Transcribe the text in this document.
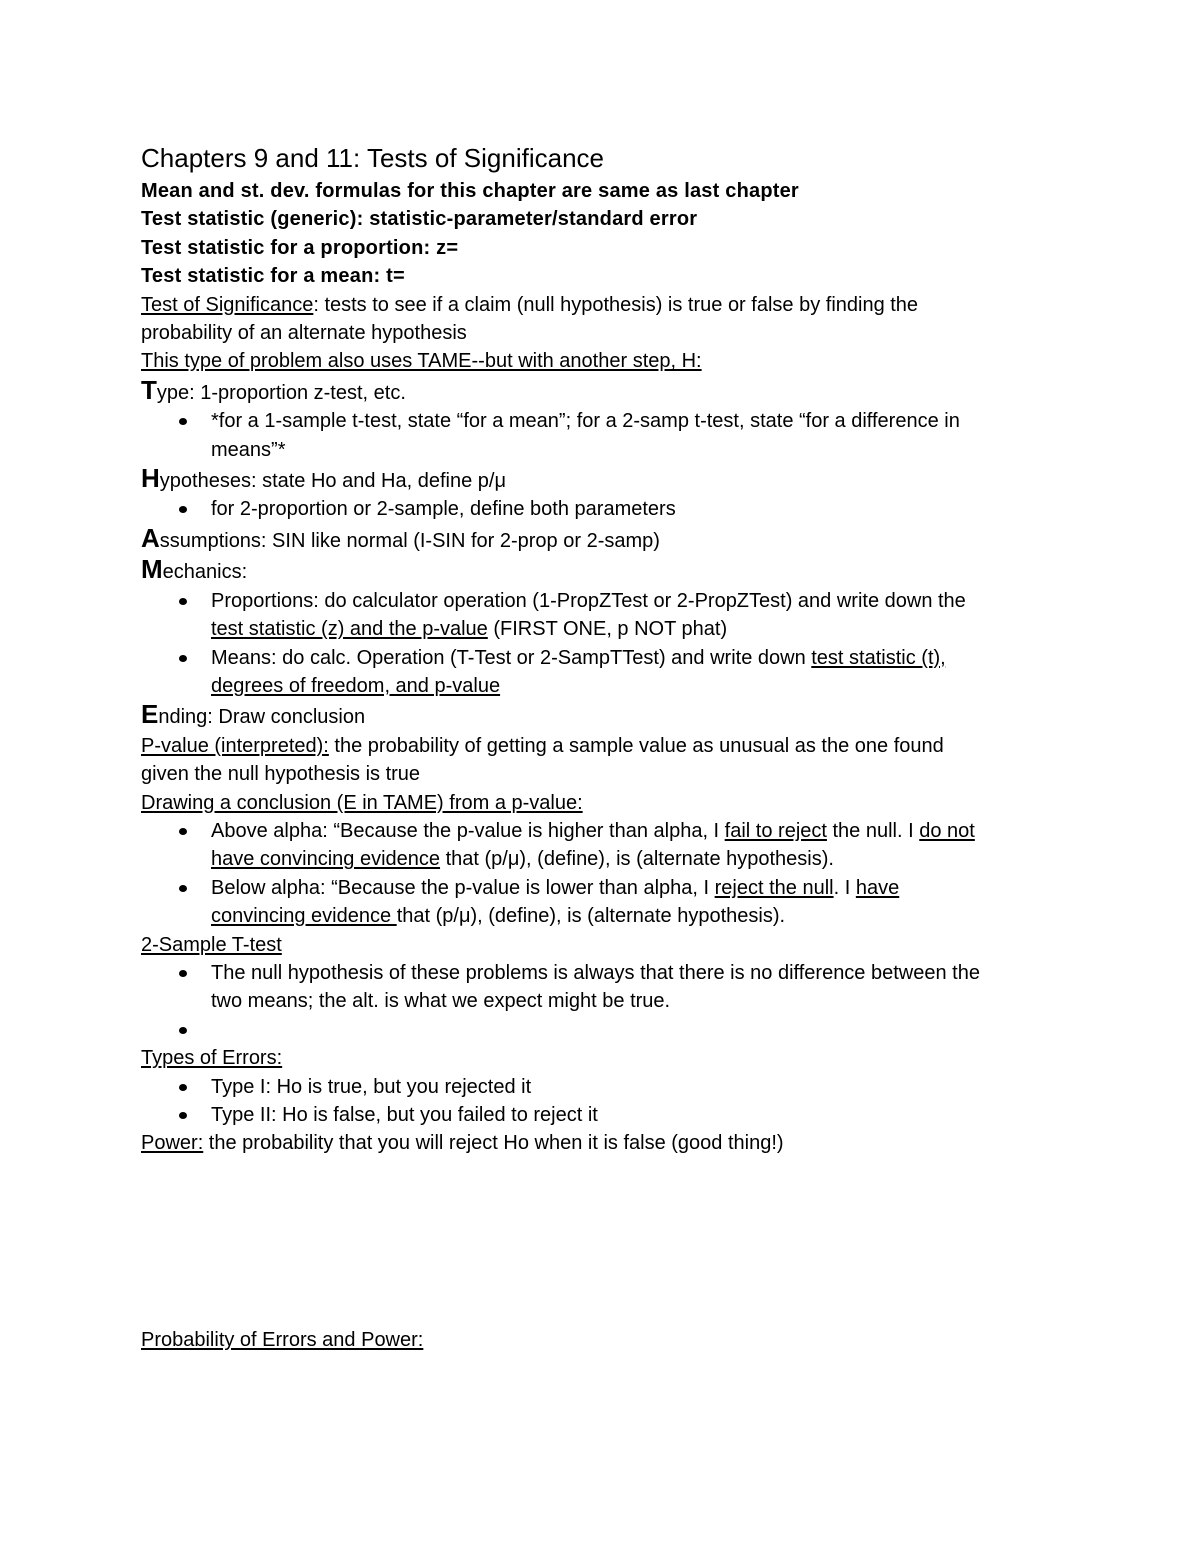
Chapters 9 and 11: Tests of Significance

Mean and st. dev. formulas for this chapter are same as last chapter

Test statistic (generic): statistic-parameter/standard error

Test statistic for a proportion: z=

Test statistic for a mean: t=

Test of Significance: tests to see if a claim (null hypothesis) is true or false by finding the
probability of an alternate hypothesis

This type of problem also uses TAME--but with another step, H:

Type: 1-proportion z-test, etc.

*for a 1-sample t-test, state “for a mean”; for a 2-samp t-test, state “for a difference in
means”*

Hypotheses: state Ho and Ha, define p/μ

for 2-proportion or 2-sample, define both parameters

Assumptions: SIN like normal (I-SIN for 2-prop or 2-samp)

Mechanics:

Proportions: do calculator operation (1-PropZTest or 2-PropZTest) and write down the
test statistic (z) and the p-value (FIRST ONE, p NOT phat)
Means: do calc. Operation (T-Test or 2-SampTTest) and write down test statistic (t),
degrees of freedom, and p-value

Ending: Draw conclusion

P-value (interpreted): the probability of getting a sample value as unusual as the one found
given the null hypothesis is true

Drawing a conclusion (E in TAME) from a p-value:

Above alpha: “Because the p-value is higher than alpha, I fail to reject the null. I do not
have convincing evidence that (p/μ), (define), is (alternate hypothesis).
Below alpha: “Because the p-value is lower than alpha, I reject the null. I have
convincing evidence that (p/μ), (define), is (alternate hypothesis).

2-Sample T-test

The null hypothesis of these problems is always that there is no difference between the
two means; the alt. is what we expect might be true.

Types of Errors:

Type I: Ho is true, but you rejected it
Type II: Ho is false, but you failed to reject it

Power: the probability that you will reject Ho when it is false (good thing!)

Probability of Errors and Power:
